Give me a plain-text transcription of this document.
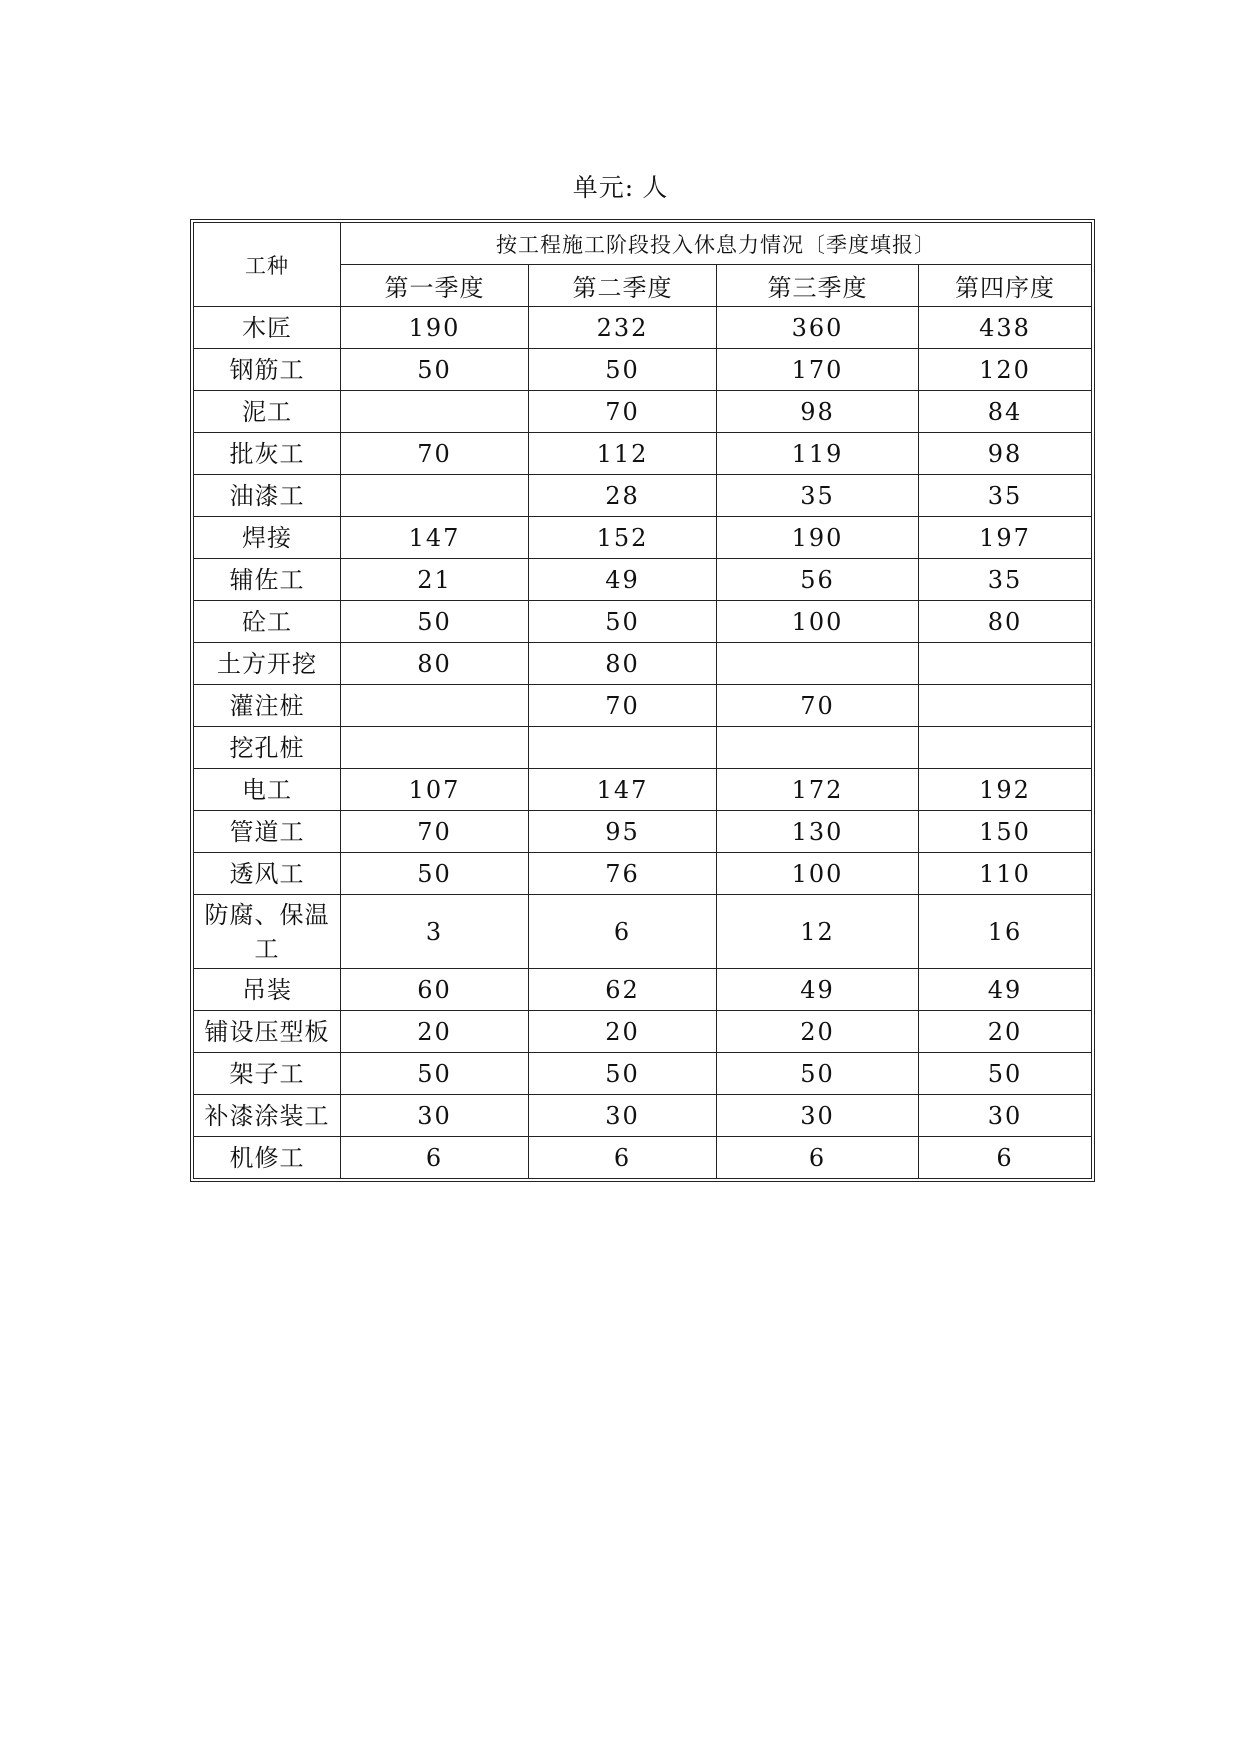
单元: 人
工种	按工程施工阶段投入休息力情况〔季度填报〕			
	第一季度	第二季度	第三季度	第四序度
木匠	190	232	360	438
钢筋工	50	50	170	120
泥工		70	98	84
批灰工	70	112	119	98
油漆工		28	35	35
焊接	147	152	190	197
辅佐工	21	49	56	35
砼工	50	50	100	80
土方开挖	80	80		
灌注桩		70	70	
挖孔桩				
电工	107	147	172	192
管道工	70	95	130	150
透风工	50	76	100	110
防腐、保温工	3	6	12	16
吊装	60	62	49	49
铺设压型板	20	20	20	20
架子工	50	50	50	50
补漆涂装工	30	30	30	30
机修工	6	6	6	6
